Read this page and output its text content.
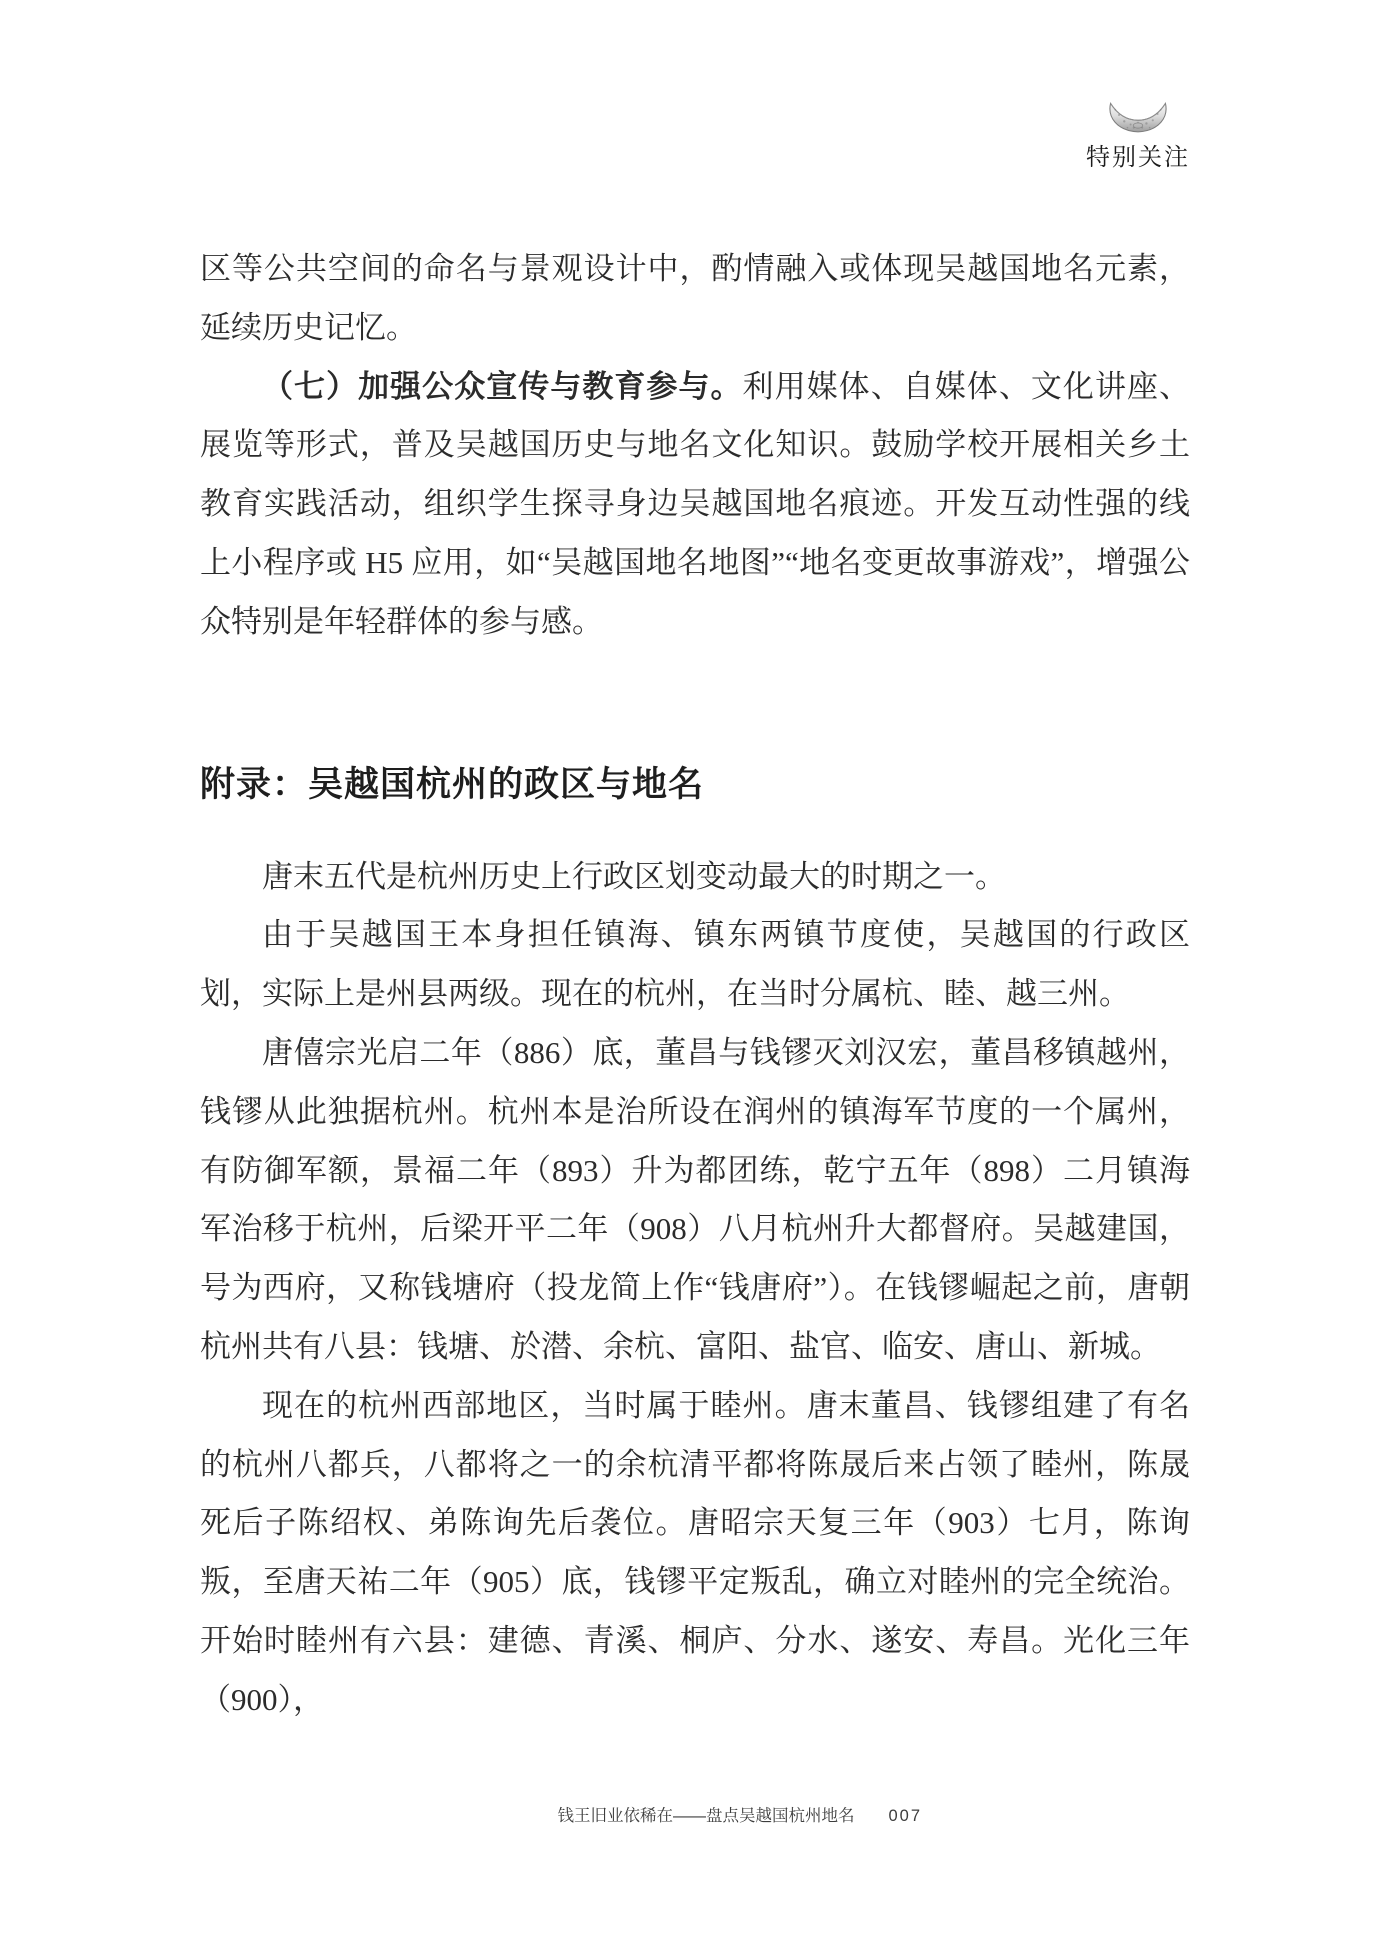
特别关注

区等公共空间的命名与景观设计中，酌情融入或体现吴越国地名元素，延续历史记忆。

（七）加强公众宣传与教育参与。利用媒体、自媒体、文化讲座、展览等形式，普及吴越国历史与地名文化知识。鼓励学校开展相关乡土教育实践活动，组织学生探寻身边吴越国地名痕迹。开发互动性强的线上小程序或 H5 应用，如“吴越国地名地图”“地名变更故事游戏”，增强公众特别是年轻群体的参与感。

附录：吴越国杭州的政区与地名

唐末五代是杭州历史上行政区划变动最大的时期之一。

由于吴越国王本身担任镇海、镇东两镇节度使，吴越国的行政区划，实际上是州县两级。现在的杭州，在当时分属杭、睦、越三州。

唐僖宗光启二年（886）底，董昌与钱镠灭刘汉宏，董昌移镇越州，钱镠从此独据杭州。杭州本是治所设在润州的镇海军节度的一个属州，有防御军额，景福二年（893）升为都团练，乾宁五年（898）二月镇海军治移于杭州，后梁开平二年（908）八月杭州升大都督府。吴越建国，号为西府，又称钱塘府（投龙简上作“钱唐府”）。在钱镠崛起之前，唐朝杭州共有八县：钱塘、於潜、余杭、富阳、盐官、临安、唐山、新城。

现在的杭州西部地区，当时属于睦州。唐末董昌、钱镠组建了有名的杭州八都兵，八都将之一的余杭清平都将陈晟后来占领了睦州，陈晟死后子陈绍权、弟陈询先后袭位。唐昭宗天复三年（903）七月，陈询叛，至唐天祐二年（905）底，钱镠平定叛乱，确立对睦州的完全统治。开始时睦州有六县：建德、青溪、桐庐、分水、遂安、寿昌。光化三年（900），

钱王旧业依稀在——盘点吴越国杭州地名 007
